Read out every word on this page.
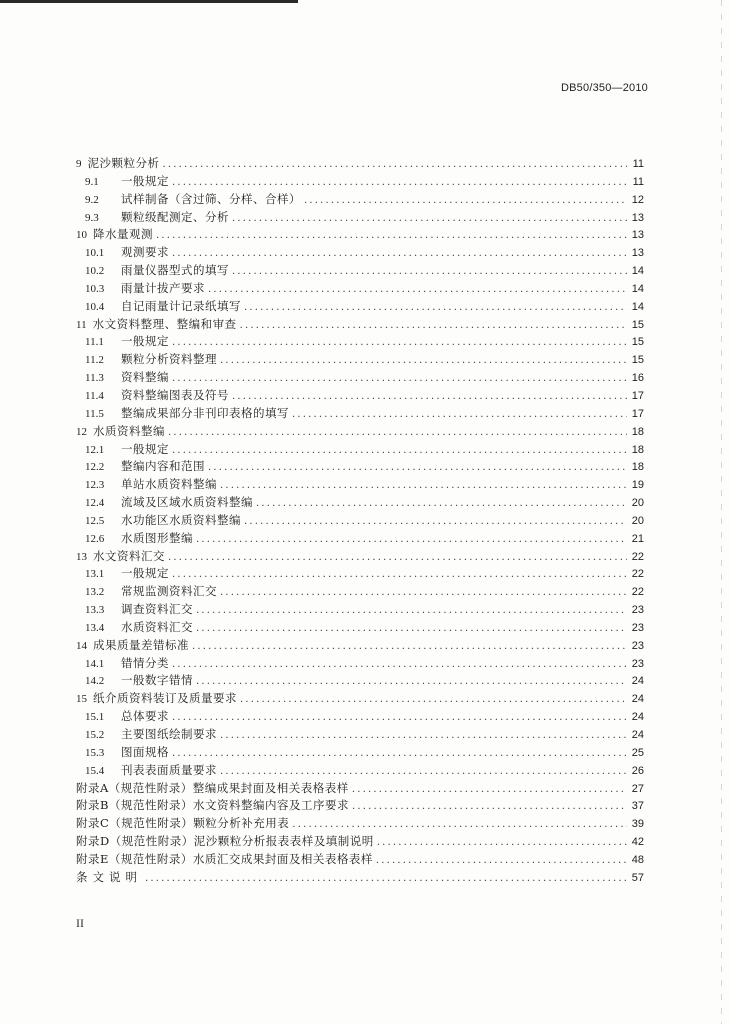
DB50/350—2010
9 泥沙颗粒分析 .....	11
9.1	一般规定 .....	11
9.2	试样制备（含过筛、分样、合样） .....	12
9.3	颗粒级配测定、分析 .....	13
10 降水量观测 .....	13
10.1	观测要求 .....	13
10.2	雨量仪器型式的填写 .....	14
10.3	雨量计拔产要求 .....	14
10.4	自记雨量计记录纸填写 .....	14
11 水文资料整理、整编和审查 .....	15
11.1	一般规定 .....	15
11.2	颗粒分析资料整理 .....	15
11.3	资料整编 .....	16
11.4	资料整编图表及符号 .....	17
11.5	整编成果部分非刊印表格的填写 .....	17
12 水质资料整编 .....	18
12.1	一般规定 .....	18
12.2	整编内容和范围 .....	18
12.3	单站水质资料整编 .....	19
12.4	流域及区域水质资料整编 .....	20
12.5	水功能区水质资料整编 .....	20
12.6	水质图形整编 .....	21
13 水文资料汇交 .....	22
13.1	一般规定 .....	22
13.2	常规监测资料汇交 .....	22
13.3	调查资料汇交 .....	23
13.4	水质资料汇交 .....	23
14 成果质量差错标准 .....	23
14.1	错情分类 .....	23
14.2	一般数字错情 .....	24
15 纸介质资料装订及质量要求 .....	24
15.1	总体要求 .....	24
15.2	主要图纸绘制要求 .....	24
15.3	图面规格 .....	25
15.4	刊表表面质量要求 .....	26
附录A（规范性附录）整编成果封面及相关表格表样 .....	27
附录B（规范性附录）水文资料整编内容及工序要求 .....	37
附录C（规范性附录）颗粒分析补充用表 .....	39
附录D（规范性附录）泥沙颗粒分析报表表样及填制说明 .....	42
附录E（规范性附录）水质汇交成果封面及相关表格表样 .....	48
条文说明 .....	57
II
